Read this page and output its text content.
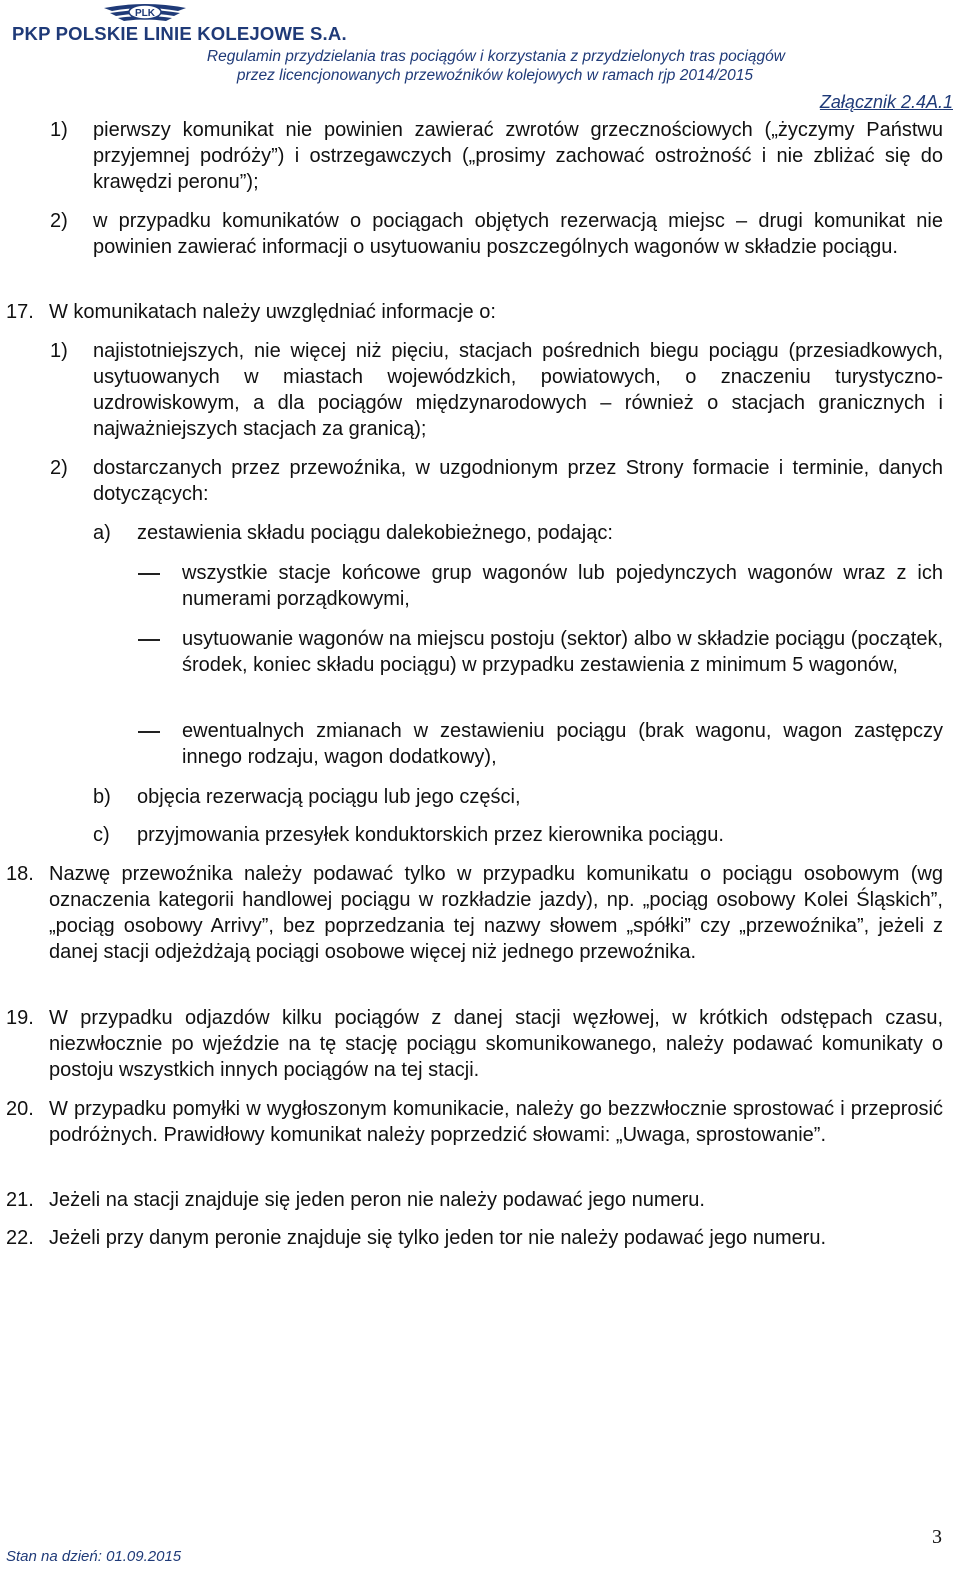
PLK
PKP POLSKIE LINIE KOLEJOWE S.A.
Regulamin przydzielania tras pociągów i korzystania z przydzielonych tras pociągów
przez licencjonowanych przewoźników kolejowych w ramach rjp 2014/2015
Załącznik 2.4A.1
1) pierwszy komunikat nie powinien zawierać zwrotów grzecznościowych („życzymy Państwu przyjemnej podróży”) i ostrzegawczych („prosimy zachować ostrożność i nie zbliżać się do krawędzi peronu”);
2) w przypadku komunikatów o pociągach objętych rezerwacją miejsc – drugi komunikat nie powinien zawierać informacji o usytuowaniu poszczególnych wagonów w składzie pociągu.
17. W komunikatach należy uwzględniać informacje o:
1) najistotniejszych, nie więcej niż pięciu, stacjach pośrednich biegu pociągu (przesiadkowych, usytuowanych w miastach wojewódzkich, powiatowych, o znaczeniu turystyczno-uzdrowiskowym, a dla pociągów międzynarodowych – również o stacjach granicznych i najważniejszych stacjach za granicą);
2) dostarczanych przez przewoźnika, w uzgodnionym przez Strony formacie i terminie, danych dotyczących:
a) zestawienia składu pociągu dalekobieżnego, podając:
wszystkie stacje końcowe grup wagonów lub pojedynczych wagonów wraz z ich numerami porządkowymi,
usytuowanie wagonów na miejscu postoju (sektor) albo w składzie pociągu (początek, środek, koniec składu pociągu) w przypadku zestawienia z minimum 5 wagonów,
ewentualnych zmianach w zestawieniu pociągu (brak wagonu, wagon zastępczy innego rodzaju, wagon dodatkowy),
b) objęcia rezerwacją pociągu lub jego części,
c) przyjmowania przesyłek konduktorskich przez kierownika pociągu.
18. Nazwę przewoźnika należy podawać tylko w przypadku komunikatu o pociągu osobowym (wg oznaczenia kategorii handlowej pociągu w rozkładzie jazdy), np. „pociąg osobowy Kolei Śląskich”, „pociąg osobowy Arrivy”, bez poprzedzania tej nazwy słowem „spółki” czy „przewoźnika”, jeżeli z danej stacji odjeżdżają pociągi osobowe więcej niż jednego przewoźnika.
19. W przypadku odjazdów kilku pociągów z danej stacji węzłowej, w krótkich odstępach czasu, niezwłocznie po wjeździe na tę stację pociągu skomunikowanego, należy podawać komunikaty o postoju wszystkich innych pociągów na tej stacji.
20. W przypadku pomyłki w wygłoszonym komunikacie, należy go bezzwłocznie sprostować i przeprosić podróżnych. Prawidłowy komunikat należy poprzedzić słowami: „Uwaga, sprostowanie”.
21. Jeżeli na stacji znajduje się jeden peron nie należy podawać jego numeru.
22. Jeżeli przy danym peronie znajduje się tylko jeden tor nie należy podawać jego numeru.
3
Stan na dzień: 01.09.2015
